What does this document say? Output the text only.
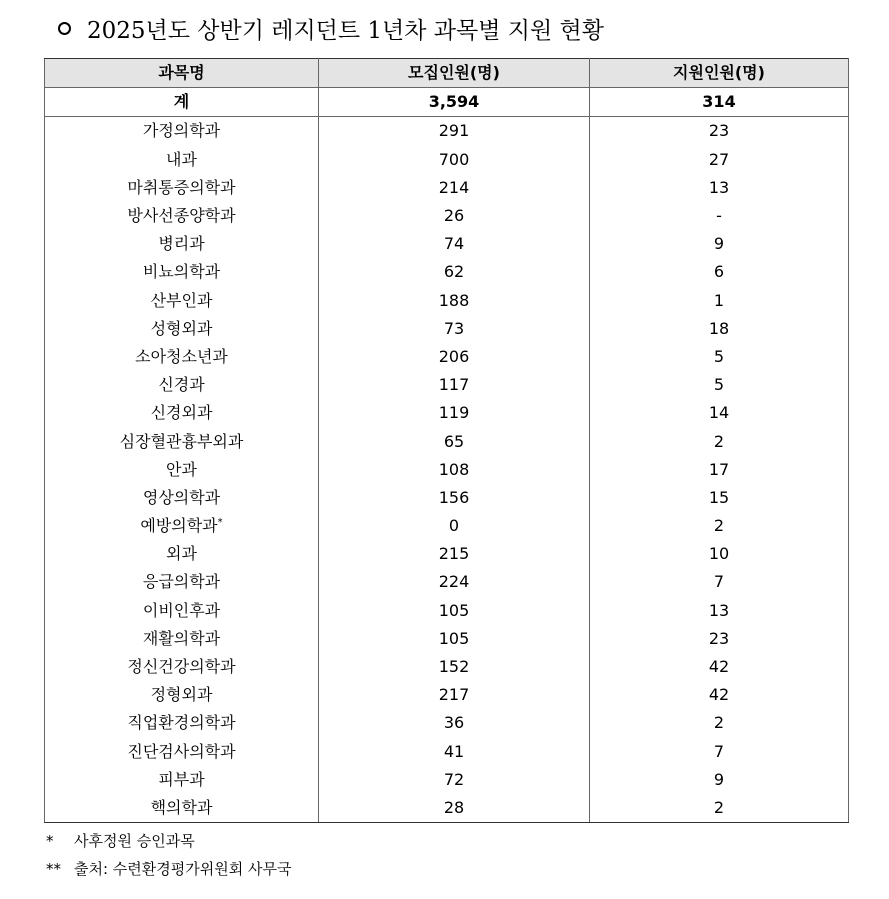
2025년도 상반기 레지던트 1년차 과목별 지원 현황
과목명	모집인원(명)	지원인원(명)
계	3,594	314
가정의학과	291	23
내과	700	27
마취통증의학과	214	13
방사선종양학과	26	-
병리과	74	9
비뇨의학과	62	6
산부인과	188	1
성형외과	73	18
소아청소년과	206	5
신경과	117	5
신경외과	119	14
심장혈관흉부외과	65	2
안과	108	17
영상의학과	156	15
예방의학과*	0	2
외과	215	10
응급의학과	224	7
이비인후과	105	13
재활의학과	105	23
정신건강의학과	152	42
정형외과	217	42
직업환경의학과	36	2
진단검사의학과	41	7
피부과	72	9
핵의학과	28	2
* 사후정원 승인과목
** 출처: 수련환경평가위원회 사무국
